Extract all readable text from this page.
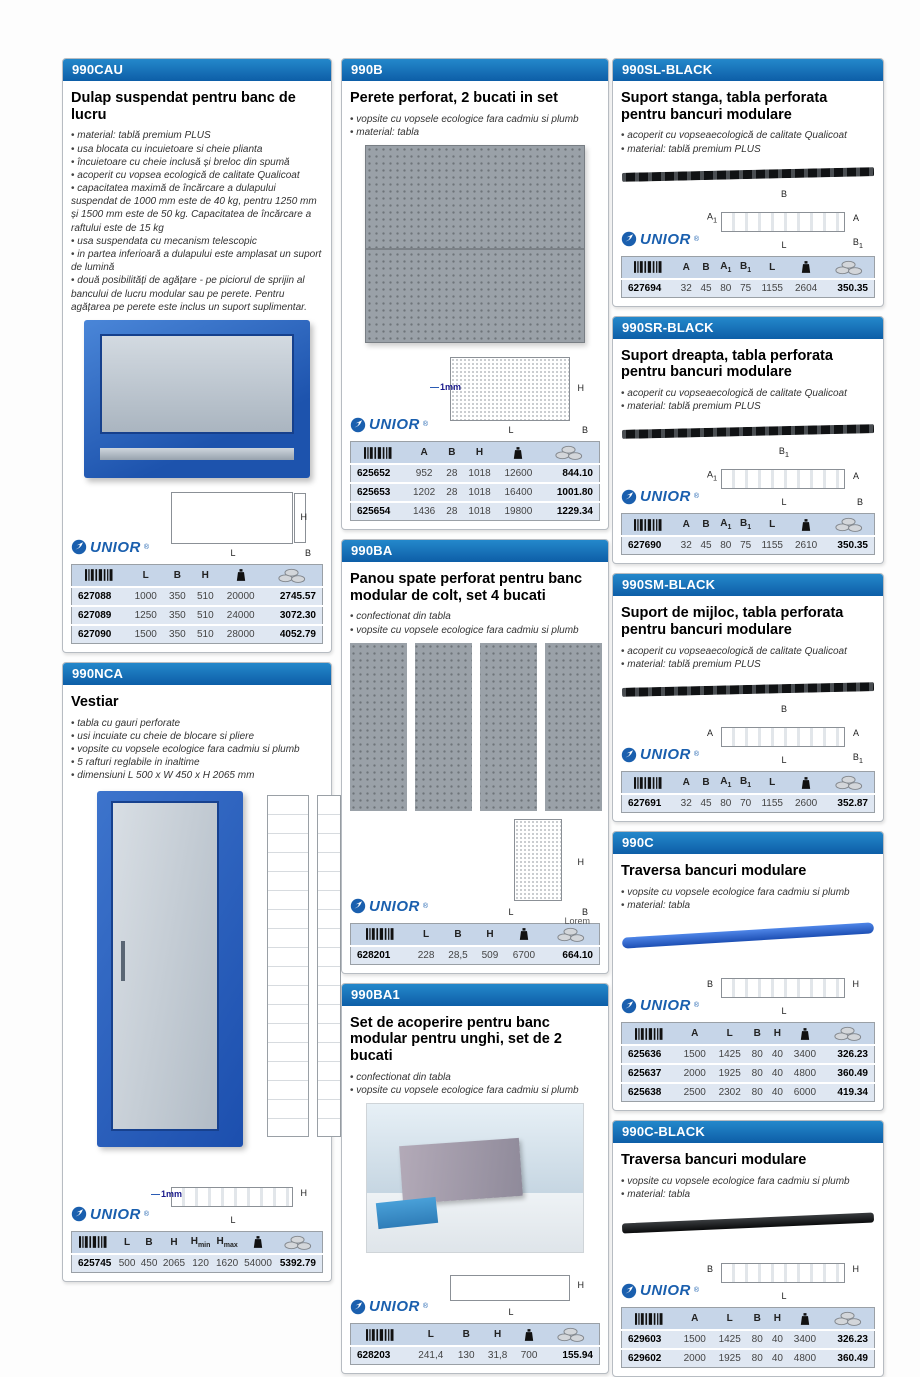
990CAU
Dulap suspendat pentru banc de lucru
• material: tablă premium PLUS
• usa blocata cu incuietoare si cheie plianta
• încuietoare cu cheie inclusă și breloc din spumă
• acoperit cu vopsea ecologică de calitate Qualicoat
• capacitatea maximă de încărcare a dulapului suspendat de 1000 mm este de 40 kg, pentru 1250 mm și 1500 mm este de 50 kg. Capacitatea de încărcare a raftului este de 15 kg
• usa suspendata cu mecanism telescopic
• in partea inferioară a dulapului este amplasat un suport de lumină
• două posibilități de agățare - pe piciorul de sprijin al bancului de lucru modular sau pe perete. Pentru agățarea pe perete este inclus un suport suplimentar.
UNIOR ®
H
L	B
	L	B	H		
627088	1000	350	510	20000	2745.57
627089	1250	350	510	24000	3072.30
627090	1500	350	510	28000	4052.79
990NCA
Vestiar
• tabla cu gauri perforate
• usi incuiate cu cheie de blocare si pliere
• vopsite cu vopsele ecologice fara cadmiu si plumb
• 5 rafturi reglabile in inaltime
• dimensiuni L 500 x W 450 x H 2065 mm
UNIOR ®
— 1mm	H
L
	L	B	H	$H_{min}$	$H_{max}$		
625745	500	450	2065	120	1620	54000	5392.79
990B
Perete perforat, 2 bucati in set
• vopsite cu vopsele ecologice fara cadmiu si plumb
• material: tabla
UNIOR ®
— 1mm	H
L	B
	A	B	H		
625652	952	28	1018	12600	844.10
625653	1202	28	1018	16400	1001.80
625654	1436	28	1018	19800	1229.34
990BA
Panou spate perforat pentru banc modular de colt, set 4 bucati
• confectionat din tabla
• vopsite cu vopsele ecologice fara cadmiu si plumb
UNIOR ®
H
B
Lorem
L
	L	B	H		
628201	228	28,5	509	6700	664.10
990BA1
Set de acoperire pentru banc modular pentru unghi, set de 2 bucati
• confectionat din tabla
• vopsite cu vopsele ecologice fara cadmiu si plumb
UNIOR ®
L
H
	L	B	H		
628203	241,4	130	31,8	700	155.94
990SL-BLACK
Suport stanga, tabla perforata pentru bancuri modulare
• acoperit cu vopseaecologică de calitate Qualicoat
• material: tablă premium PLUS
UNIOR ®
B
$A_1$	A
$B_1$
L
	A	B	$A_1$	$B_1$	L		
627694	32	45	80	75	1155	2604	350.35
990SR-BLACK
Suport dreapta, tabla perforata pentru bancuri modulare
• acoperit cu vopseaecologică de calitate Qualicoat
• material: tablă premium PLUS
UNIOR ®
$B_1$
$A_1$	A
B
L
	A	B	$A_1$	$B_1$	L		
627690	32	45	80	75	1155	2610	350.35
990SM-BLACK
Suport de mijloc, tabla perforata pentru bancuri modulare
• acoperit cu vopseaecologică de calitate Qualicoat
• material: tablă premium PLUS
UNIOR ®
B
A	A
$B_1$
L
	A	B	$A_1$	$B_1$	L		
627691	32	45	80	70	1155	2600	352.87
990C
Traversa bancuri modulare
• vopsite cu vopsele ecologice fara cadmiu si plumb
• material: tabla
UNIOR ®
B
L
H
	A	L	B	H		
625636	1500	1425	80	40	3400	326.23
625637	2000	1925	80	40	4800	360.49
625638	2500	2302	80	40	6000	419.34
990C-BLACK
Traversa bancuri modulare
• vopsite cu vopsele ecologice fara cadmiu si plumb
• material: tabla
UNIOR ®
B
L
H
	A	L	B	H		
629603	1500	1425	80	40	3400	326.23
629602	2000	1925	80	40	4800	360.49
